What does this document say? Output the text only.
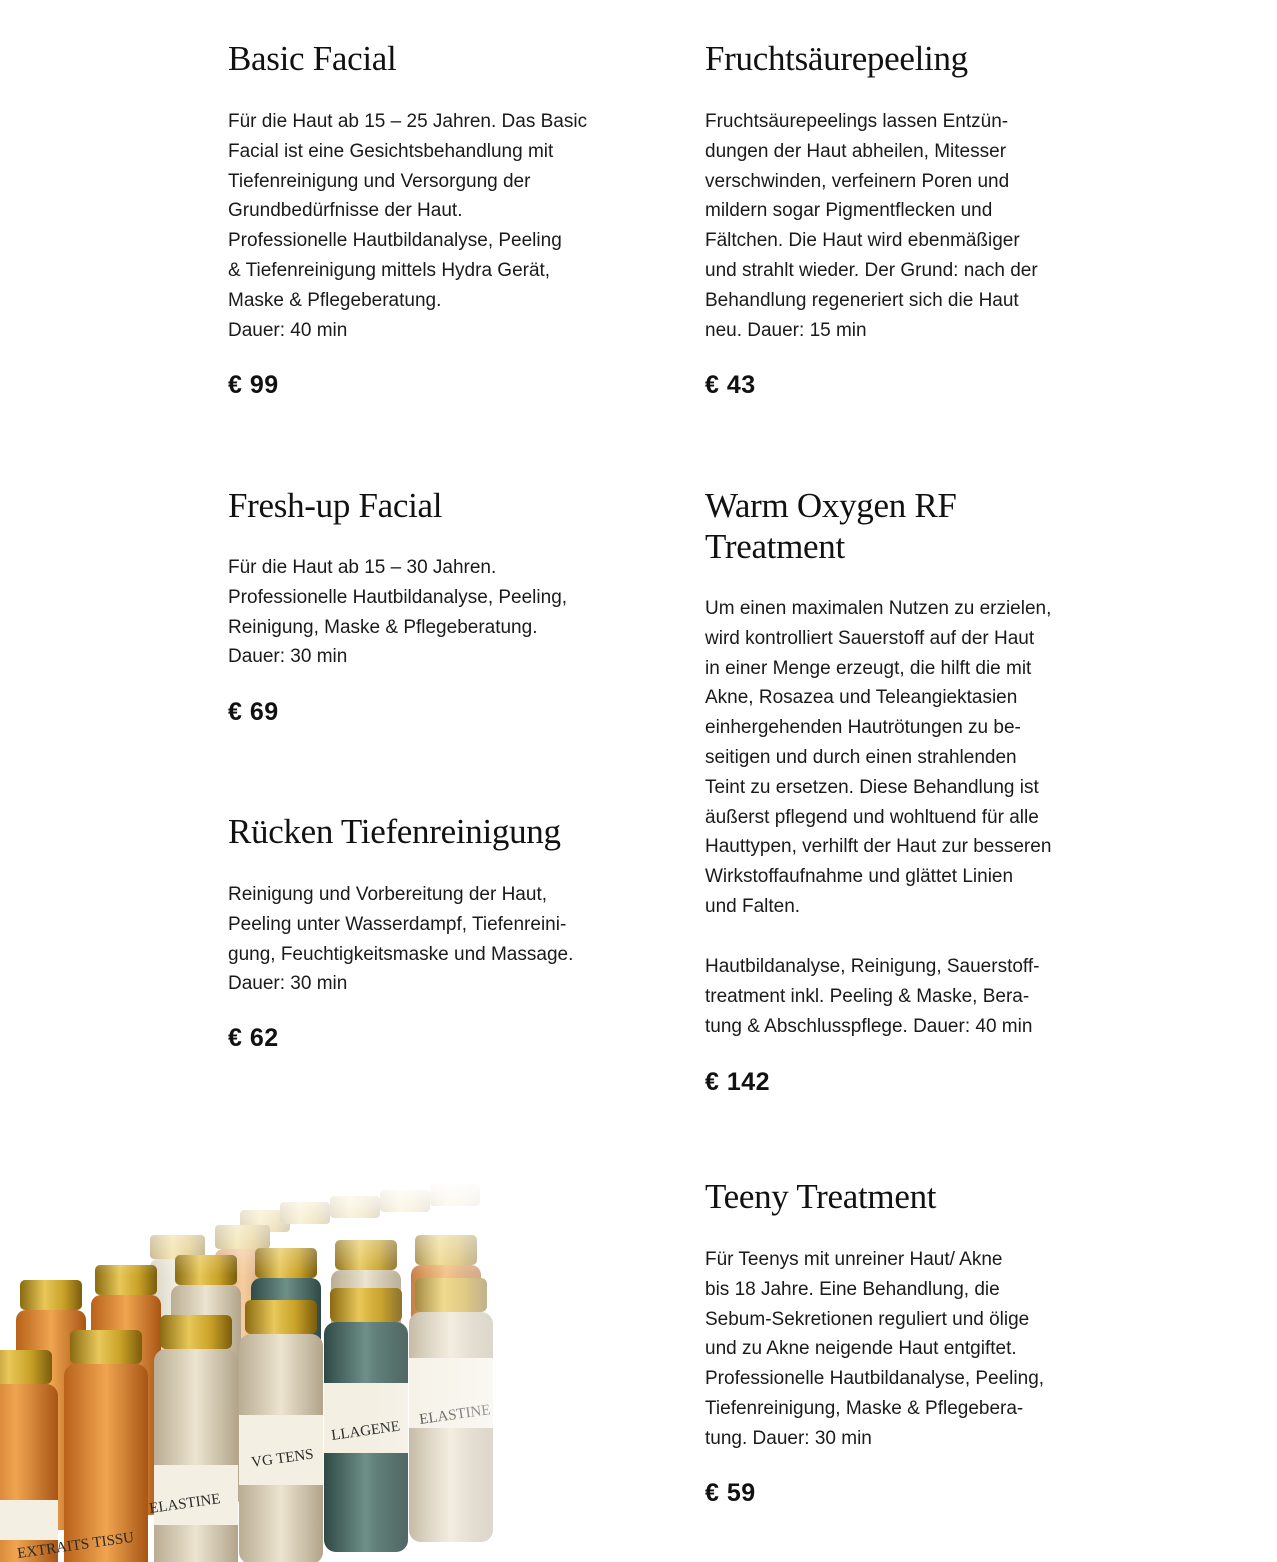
Basic Facial

Für die Haut ab 15 – 25 Jahren. Das Basic

Facial ist eine Gesichtsbehandlung mit

Tiefenreinigung und Versorgung der

Grundbedürfnisse der Haut.

Professionelle Hautbildanalyse, Peeling

& Tiefenreinigung mittels Hydra Gerät,

Maske & Pflegeberatung.

Dauer: 40 min

€ 99
Fruchtsäurepeeling

Fruchtsäurepeelings lassen Entzün-

dungen der Haut abheilen, Mitesser

verschwinden, verfeinern Poren und

mildern sogar Pigmentflecken und

Fältchen. Die Haut wird ebenmäßiger

und strahlt wieder. Der Grund: nach der

Behandlung regeneriert sich die Haut

neu. Dauer: 15 min

€ 43
Fresh-up Facial

Für die Haut ab 15 – 30 Jahren.

Professionelle Hautbildanalyse, Peeling,

Reinigung, Maske & Pflegeberatung.

Dauer: 30 min

€ 69
Warm Oxygen RF
Treatment

Um einen maximalen Nutzen zu erzielen,

wird kontrolliert Sauerstoff auf der Haut

in einer Menge erzeugt, die hilft die mit

Akne, Rosazea und Teleangiektasien

einhergehenden Hautrötungen zu be-

seitigen und durch einen strahlenden

Teint zu ersetzen. Diese Behandlung ist

äußerst pflegend und wohltuend für alle

Hauttypen, verhilft der Haut zur besseren

Wirkstoffaufnahme und glättet Linien

und Falten.

Hautbildanalyse, Reinigung, Sauerstoff-

treatment inkl. Peeling & Maske, Bera-

tung & Abschlusspflege. Dauer: 40 min

€ 142
Rücken Tiefenreinigung

Reinigung und Vorbereitung der Haut,

Peeling unter Wasserdampf, Tiefenreini-

gung, Feuchtigkeitsmaske und Massage.

Dauer: 30 min

€ 62
Teeny Treatment

Für Teenys mit unreiner Haut/ Akne

bis 18 Jahre. Eine Behandlung, die

Sebum-Sekretionen reguliert und ölige

und zu Akne neigende Haut entgiftet.

Professionelle Hautbildanalyse, Peeling,

Tiefenreinigung, Maske & Pflegebera-

tung. Dauer: 30 min

€ 59
